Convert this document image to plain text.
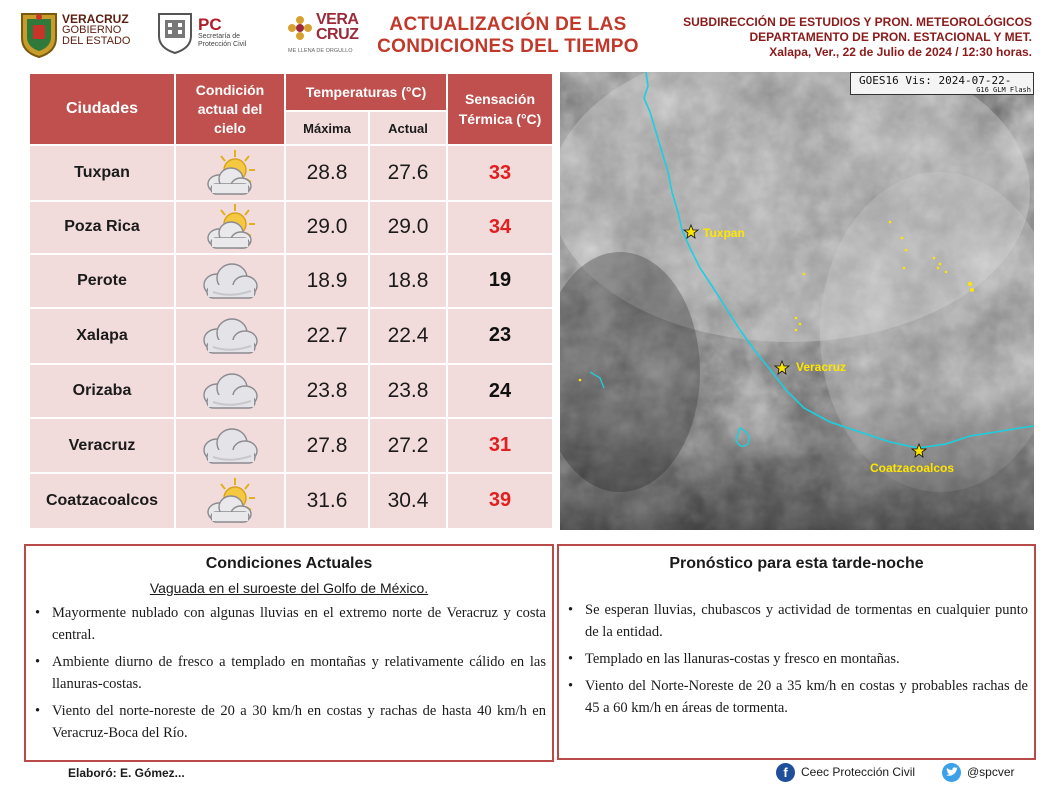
VERACRUZ
GOBIERNO
DEL ESTADO
PC
Secretaría de
Protección Civil
VERA
CRUZ
ME LLENA DE ORGULLO
ACTUALIZACIÓN DE LAS
CONDICIONES DEL TIEMPO
SUBDIRECCIÓN DE ESTUDIOS Y PRON. METEOROLÓGICOS
DEPARTAMENTO DE PRON. ESTACIONAL Y MET.
Xalapa, Ver., 22 de Julio de 2024 / 12:30 horas.
Ciudades	Condición actual del cielo	Temperaturas (°C)		Sensación Térmica (°C)
		Máxima	Actual	
Tuxpan		28.8	27.6	33
Poza Rica		29.0	29.0	34
Perote		18.9	18.8	19
Xalapa		22.7	22.4	23
Orizaba		23.8	23.8	24
Veracruz		27.8	27.2	31
Coatzacoalcos		31.6	30.4	39
GOES16 Vis: 2024-07-22-
G16 GLM Flash
Tuxpan
Veracruz
Coatzacoalcos
Condiciones Actuales
Vaguada en el suroeste del Golfo de México.
• Mayormente nublado con algunas lluvias en el extremo norte de Veracruz y costa central.
• Ambiente diurno de fresco a templado en montañas y relativamente cálido en las llanuras-costas.
• Viento del norte-noreste de 20 a 30 km/h en costas y rachas de hasta 40 km/h en Veracruz-Boca del Río.
Pronóstico para esta tarde-noche
• Se esperan lluvias, chubascos y actividad de tormentas en cualquier punto de la entidad.
• Templado en las llanuras-costas y fresco en montañas.
• Viento del Norte-Noreste de 20 a 35 km/h en costas y probables rachas de 45 a 60 km/h en áreas de tormenta.
Elaboró: E. Gómez...	f	Ceec Protección Civil	@spcver
